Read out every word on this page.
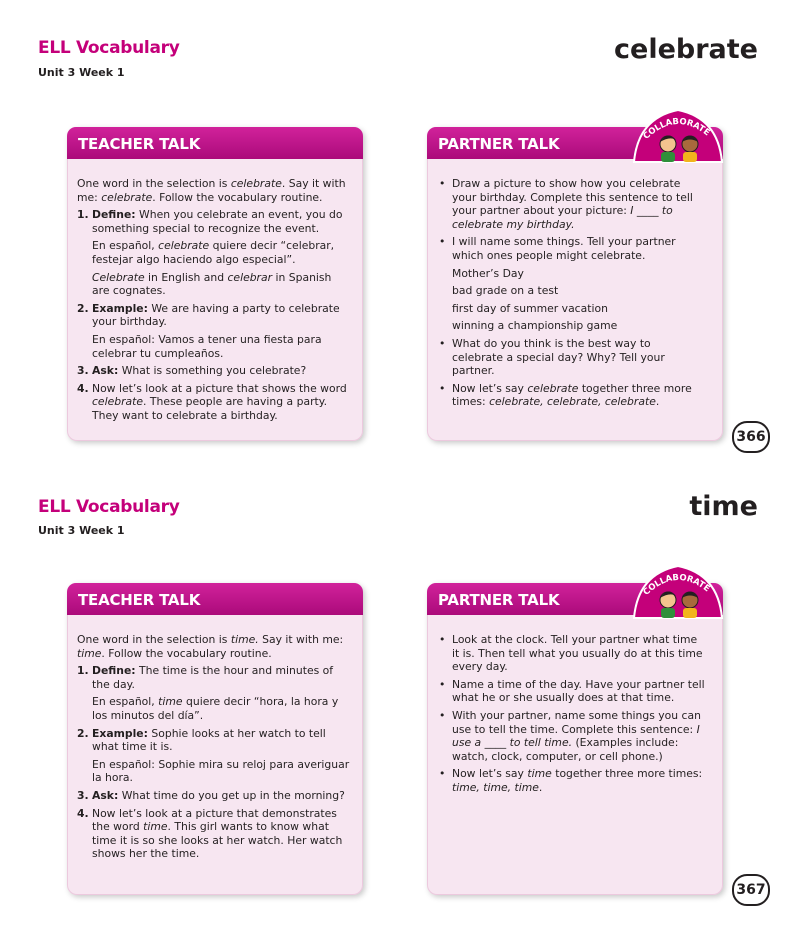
ELL Vocabulary
Unit 3 Week 1
celebrate
TEACHER TALK

One word in the selection is celebrate. Say it with me: celebrate. Follow the vocabulary routine.

1. Define: When you celebrate an event, you do something special to recognize the event.

En español, celebrate quiere decir “celebrar, festejar algo haciendo algo especial”.

Celebrate in English and celebrar in Spanish are cognates.

2. Example: We are having a party to celebrate your birthday.

En español: Vamos a tener una fiesta para celebrar tu cumpleaños.

3. Ask: What is something you celebrate?
4. Now let’s look at a picture that shows the word celebrate. These people are having a party. They want to celebrate a birthday.
PARTNER TALK
• Draw a picture to show how you celebrate your birthday. Complete this sentence to tell your partner about your picture: I ____ to celebrate my birthday.
• I will name some things. Tell your partner which ones people might celebrate.
Mother’s Day
bad grade on a test
first day of summer vacation
winning a championship game
• What do you think is the best way to celebrate a special day? Why? Tell your partner.
• Now let’s say celebrate together three more times: celebrate, celebrate, celebrate.
COLLABORATE
366
ELL Vocabulary
Unit 3 Week 1
time
TEACHER TALK

One word in the selection is time. Say it with me: time. Follow the vocabulary routine.

1. Define: The time is the hour and minutes of the day.

En español, time quiere decir “hora, la hora y los minutos del día”.

2. Example: Sophie looks at her watch to tell what time it is.

En español: Sophie mira su reloj para averiguar la hora.

3. Ask: What time do you get up in the morning?
4. Now let’s look at a picture that demonstrates the word time. This girl wants to know what time it is so she looks at her watch. Her watch shows her the time.
PARTNER TALK
• Look at the clock. Tell your partner what time it is. Then tell what you usually do at this time every day.
• Name a time of the day. Have your partner tell what he or she usually does at that time.
• With your partner, name some things you can use to tell the time. Complete this sentence: I use a ____ to tell time. (Examples include: watch, clock, computer, or cell phone.)
• Now let’s say time together three more times: time, time, time.
COLLABORATE
367
